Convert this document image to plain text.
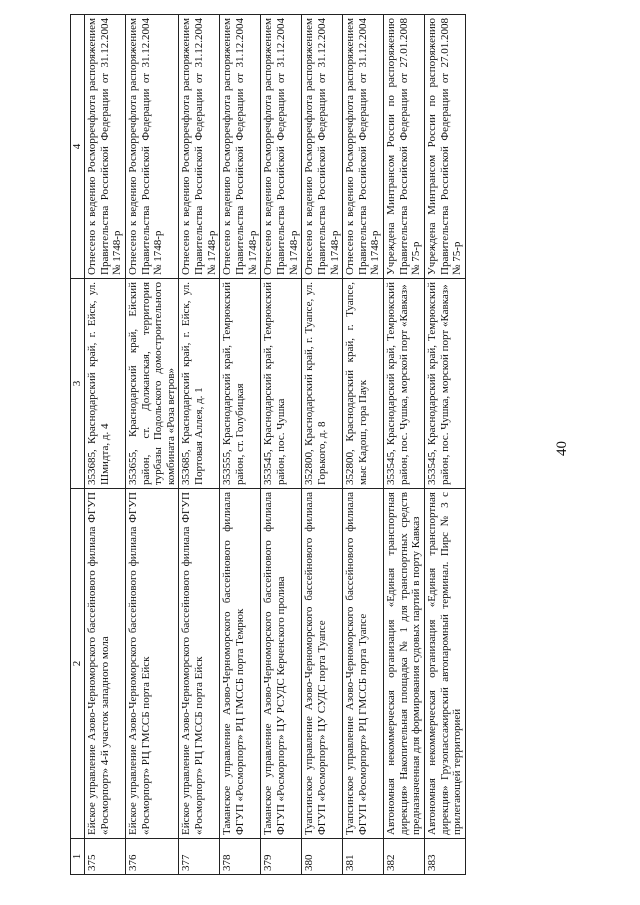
40
1	2	3	4
375	Ейское управление Азово-Черноморского бассейнового филиала ФГУП «Росморпорт» 4-й участок западного мола	353685, Краснодарский край, г. Ейск, ул. Шмидта, д. 4	Отнесено к ведению Росморречфлота распоряжением Правительства Российской Федерации от 31.12.2004 № 1748-р
376	Ейское управление Азово-Черноморского бассейнового филиала ФГУП «Росморпорт» РЦ ГМССБ порта Ейск	353655, Краснодарский край, Ейский район, ст. Должанская, территория турбазы Подольского домостроительного комбината «Роза ветров»	Отнесено к ведению Росморречфлота распоряжением Правительства Российской Федерации от 31.12.2004 № 1748-р
377	Ейское управление Азово-Черноморского бассейнового филиала ФГУП «Росморпорт» РЦ ГМССБ порта Ейск	353685, Краснодарский край, г. Ейск, ул. Портовая Аллея, д. 1	Отнесено к ведению Росморречфлота распоряжением Правительства Российской Федерации от 31.12.2004 № 1748-р
378	Таманское управление Азово-Черноморского бассейнового филиала ФГУП «Росморпорт» РЦ ГМССБ порта Темрюк	353555, Краснодарский край, Темрюкский район, ст. Голубицкая	Отнесено к ведению Росморречфлота распоряжением Правительства Российской Федерации от 31.12.2004 № 1748-р
379	Таманское управление Азово-Черноморского бассейнового филиала ФГУП «Росморпорт» ЦУ РСУДС Керченского пролива	353545, Краснодарский край, Темрюкский район, пос. Чушка	Отнесено к ведению Росморречфлота распоряжением Правительства Российской Федерации от 31.12.2004 № 1748-р
380	Туапсинское управление Азово-Черноморского бассейнового филиала ФГУП «Росморпорт» ЦУ СУДС порта Туапсе	352800, Краснодарский край, г. Туапсе, ул. Горького, д. 8	Отнесено к ведению Росморречфлота распоряжением Правительства Российской Федерации от 31.12.2004 № 1748-р
381	Туапсинское управление Азово-Черноморского бассейнового филиала ФГУП «Росморпорт» РЦ ГМССБ порта Туапсе	352800, Краснодарский край, г. Туапсе, мыс Кадош, гора Паук	Отнесено к ведению Росморречфлота распоряжением Правительства Российской Федерации от 31.12.2004 № 1748-р
382	Автономная некоммерческая организация «Единая транспортная дирекция» Накопительная площадка № 1 для транспортных средств предназначенная для формирования судовых партий в порту Кавказ	353545, Краснодарский край, Темрюкский район, пос. Чушка, морской порт «Кавказ»	Учреждена Минтрансом России по распоряжению Правительства Российской Федерации от 27.01.2008 № 75-р
383	Автономная некоммерческая организация «Единая транспортная дирекция» Грузопассажирский автопаромный терминал. Пирс № 3 с прилегающей территорией	353545, Краснодарский край, Темрюкский район, пос. Чушка, морской порт «Кавказ»	Учреждена Минтрансом России по распоряжению Правительства Российской Федерации от 27.01.2008 № 75-р
